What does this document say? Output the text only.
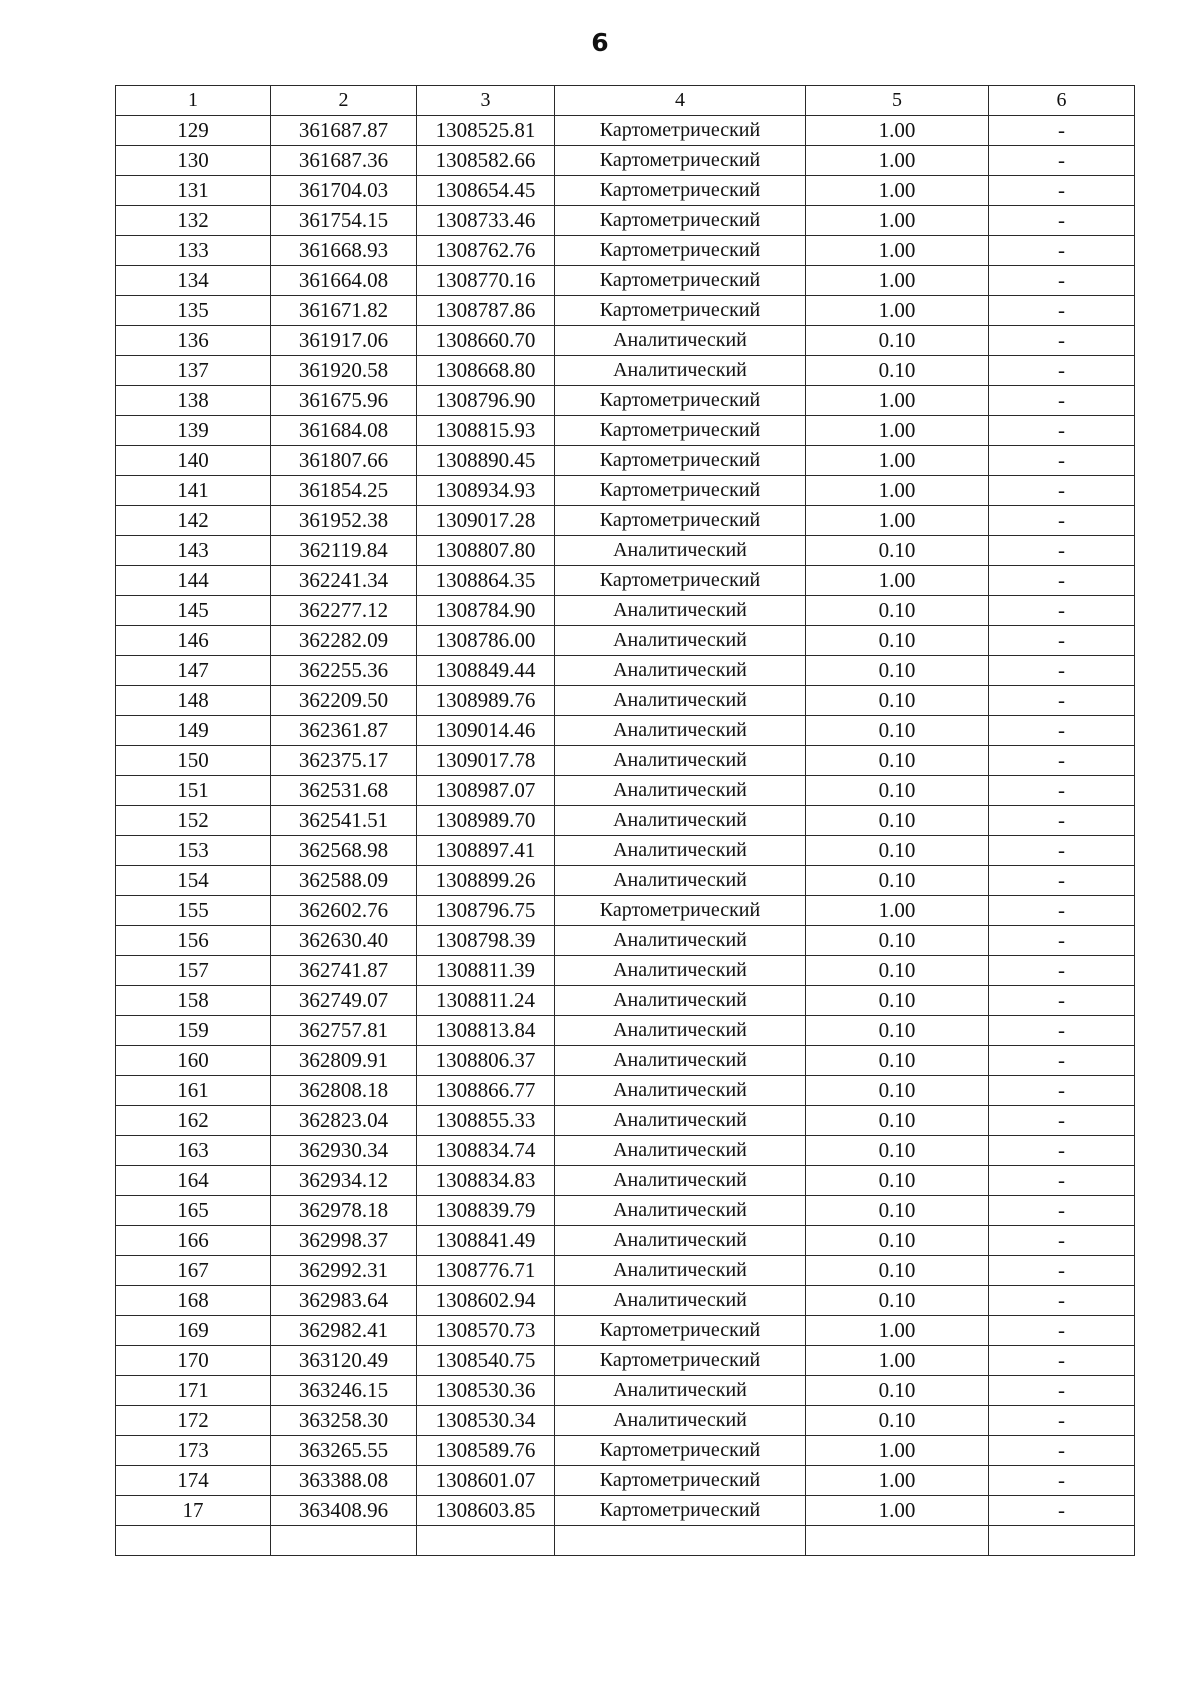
6
1	2	3	4	5	6
129	361687.87	1308525.81	Картометрический	1.00	-
130	361687.36	1308582.66	Картометрический	1.00	-
131	361704.03	1308654.45	Картометрический	1.00	-
132	361754.15	1308733.46	Картометрический	1.00	-
133	361668.93	1308762.76	Картометрический	1.00	-
134	361664.08	1308770.16	Картометрический	1.00	-
135	361671.82	1308787.86	Картометрический	1.00	-
136	361917.06	1308660.70	Аналитический	0.10	-
137	361920.58	1308668.80	Аналитический	0.10	-
138	361675.96	1308796.90	Картометрический	1.00	-
139	361684.08	1308815.93	Картометрический	1.00	-
140	361807.66	1308890.45	Картометрический	1.00	-
141	361854.25	1308934.93	Картометрический	1.00	-
142	361952.38	1309017.28	Картометрический	1.00	-
143	362119.84	1308807.80	Аналитический	0.10	-
144	362241.34	1308864.35	Картометрический	1.00	-
145	362277.12	1308784.90	Аналитический	0.10	-
146	362282.09	1308786.00	Аналитический	0.10	-
147	362255.36	1308849.44	Аналитический	0.10	-
148	362209.50	1308989.76	Аналитический	0.10	-
149	362361.87	1309014.46	Аналитический	0.10	-
150	362375.17	1309017.78	Аналитический	0.10	-
151	362531.68	1308987.07	Аналитический	0.10	-
152	362541.51	1308989.70	Аналитический	0.10	-
153	362568.98	1308897.41	Аналитический	0.10	-
154	362588.09	1308899.26	Аналитический	0.10	-
155	362602.76	1308796.75	Картометрический	1.00	-
156	362630.40	1308798.39	Аналитический	0.10	-
157	362741.87	1308811.39	Аналитический	0.10	-
158	362749.07	1308811.24	Аналитический	0.10	-
159	362757.81	1308813.84	Аналитический	0.10	-
160	362809.91	1308806.37	Аналитический	0.10	-
161	362808.18	1308866.77	Аналитический	0.10	-
162	362823.04	1308855.33	Аналитический	0.10	-
163	362930.34	1308834.74	Аналитический	0.10	-
164	362934.12	1308834.83	Аналитический	0.10	-
165	362978.18	1308839.79	Аналитический	0.10	-
166	362998.37	1308841.49	Аналитический	0.10	-
167	362992.31	1308776.71	Аналитический	0.10	-
168	362983.64	1308602.94	Аналитический	0.10	-
169	362982.41	1308570.73	Картометрический	1.00	-
170	363120.49	1308540.75	Картометрический	1.00	-
171	363246.15	1308530.36	Аналитический	0.10	-
172	363258.30	1308530.34	Аналитический	0.10	-
173	363265.55	1308589.76	Картометрический	1.00	-
174	363388.08	1308601.07	Картометрический	1.00	-
17	363408.96	1308603.85	Картометрический	1.00	-
